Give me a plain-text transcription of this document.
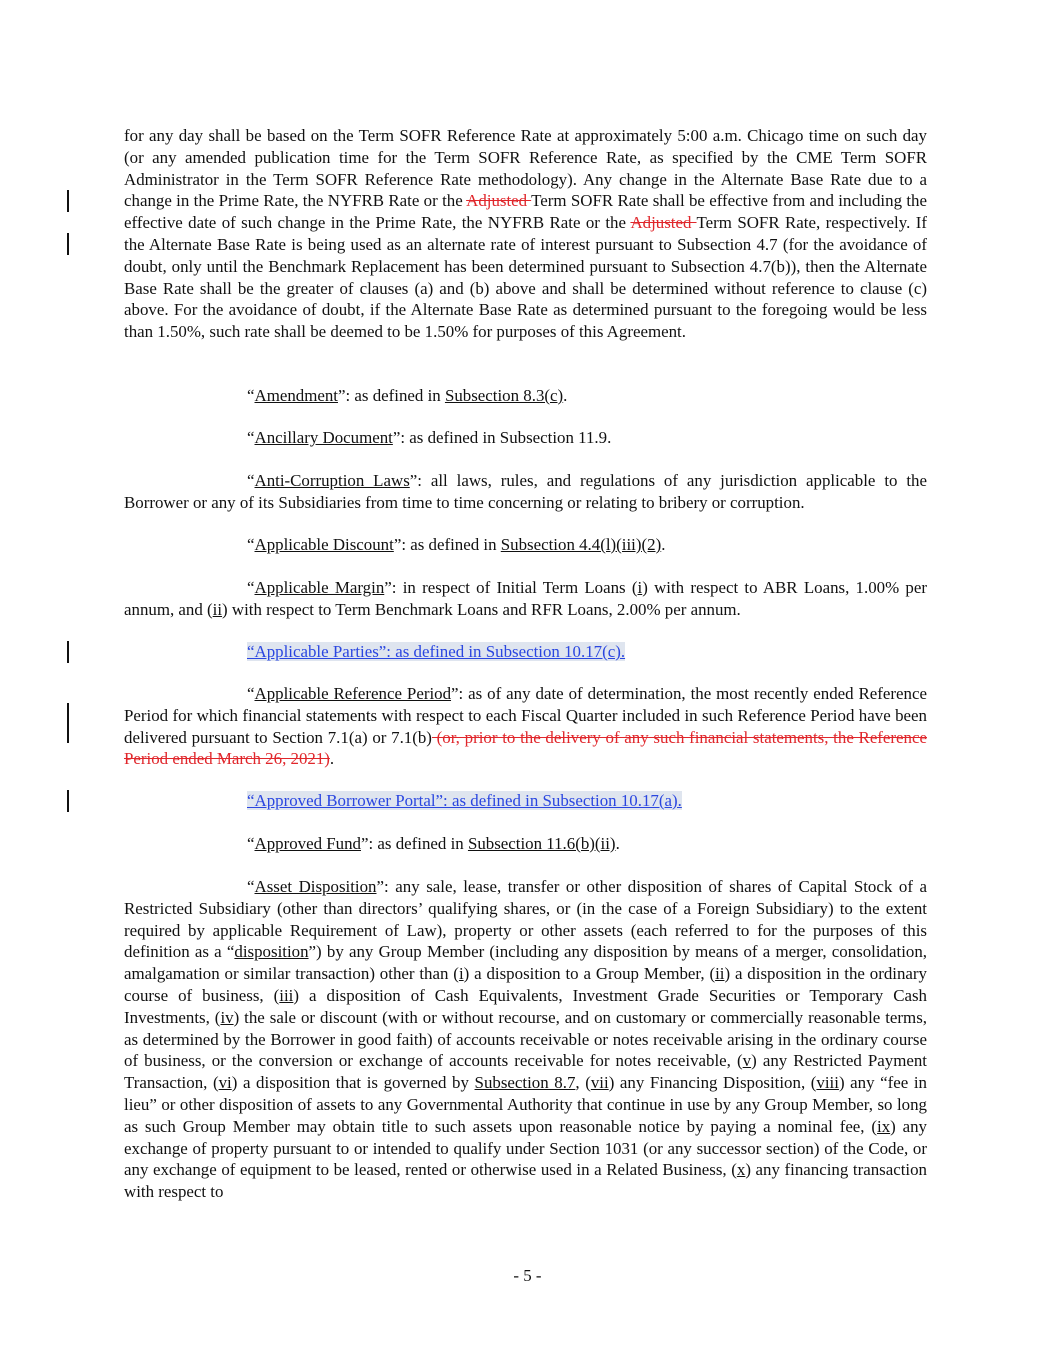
for any day shall be based on the Term SOFR Reference Rate at approximately 5:00 a.m. Chicago time on such day (or any amended publication time for the Term SOFR Reference Rate, as specified by the CME Term SOFR Administrator in the Term SOFR Reference Rate methodology). Any change in the Alternate Base Rate due to a change in the Prime Rate, the NYFRB Rate or the Adjusted Term SOFR Rate shall be effective from and including the effective date of such change in the Prime Rate, the NYFRB Rate or the Adjusted Term SOFR Rate, respectively. If the Alternate Base Rate is being used as an alternate rate of interest pursuant to Subsection 4.7 (for the avoidance of doubt, only until the Benchmark Replacement has been determined pursuant to Subsection 4.7(b)), then the Alternate Base Rate shall be the greater of clauses (a) and (b) above and shall be determined without reference to clause (c) above. For the avoidance of doubt, if the Alternate Base Rate as determined pursuant to the foregoing would be less than 1.50%, such rate shall be deemed to be 1.50% for purposes of this Agreement.

“Amendment”: as defined in Subsection 8.3(c).

“Ancillary Document”: as defined in Subsection 11.9.

“Anti-Corruption Laws”: all laws, rules, and regulations of any jurisdiction applicable to the Borrower or any of its Subsidiaries from time to time concerning or relating to bribery or corruption.

“Applicable Discount”: as defined in Subsection 4.4(l)(iii)(2).

“Applicable Margin”: in respect of Initial Term Loans (i) with respect to ABR Loans, 1.00% per annum, and (ii) with respect to Term Benchmark Loans and RFR Loans, 2.00% per annum.

“Applicable Parties”: as defined in Subsection 10.17(c).

“Applicable Reference Period”: as of any date of determination, the most recently ended Reference Period for which financial statements with respect to each Fiscal Quarter included in such Reference Period have been delivered pursuant to Section 7.1(a) or 7.1(b) (or, prior to the delivery of any such financial statements, the Reference Period ended March 26, 2021).

“Approved Borrower Portal”: as defined in Subsection 10.17(a).

“Approved Fund”: as defined in Subsection 11.6(b)(ii).

“Asset Disposition”: any sale, lease, transfer or other disposition of shares of Capital Stock of a Restricted Subsidiary (other than directors’ qualifying shares, or (in the case of a Foreign Subsidiary) to the extent required by applicable Requirement of Law), property or other assets (each referred to for the purposes of this definition as a “disposition”) by any Group Member (including any disposition by means of a merger, consolidation, amalgamation or similar transaction) other than (i) a disposition to a Group Member, (ii) a disposition in the ordinary course of business, (iii) a disposition of Cash Equivalents, Investment Grade Securities or Temporary Cash Investments, (iv) the sale or discount (with or without recourse, and on customary or commercially reasonable terms, as determined by the Borrower in good faith) of accounts receivable or notes receivable arising in the ordinary course of business, or the conversion or exchange of accounts receivable for notes receivable, (v) any Restricted Payment Transaction, (vi) a disposition that is governed by Subsection 8.7, (vii) any Financing Disposition, (viii) any “fee in lieu” or other disposition of assets to any Governmental Authority that continue in use by any Group Member, so long as such Group Member may obtain title to such assets upon reasonable notice by paying a nominal fee, (ix) any exchange of property pursuant to or intended to qualify under Section 1031 (or any successor section) of the Code, or any exchange of equipment to be leased, rented or otherwise used in a Related Business, (x) any financing transaction with respect to

- 5 -
